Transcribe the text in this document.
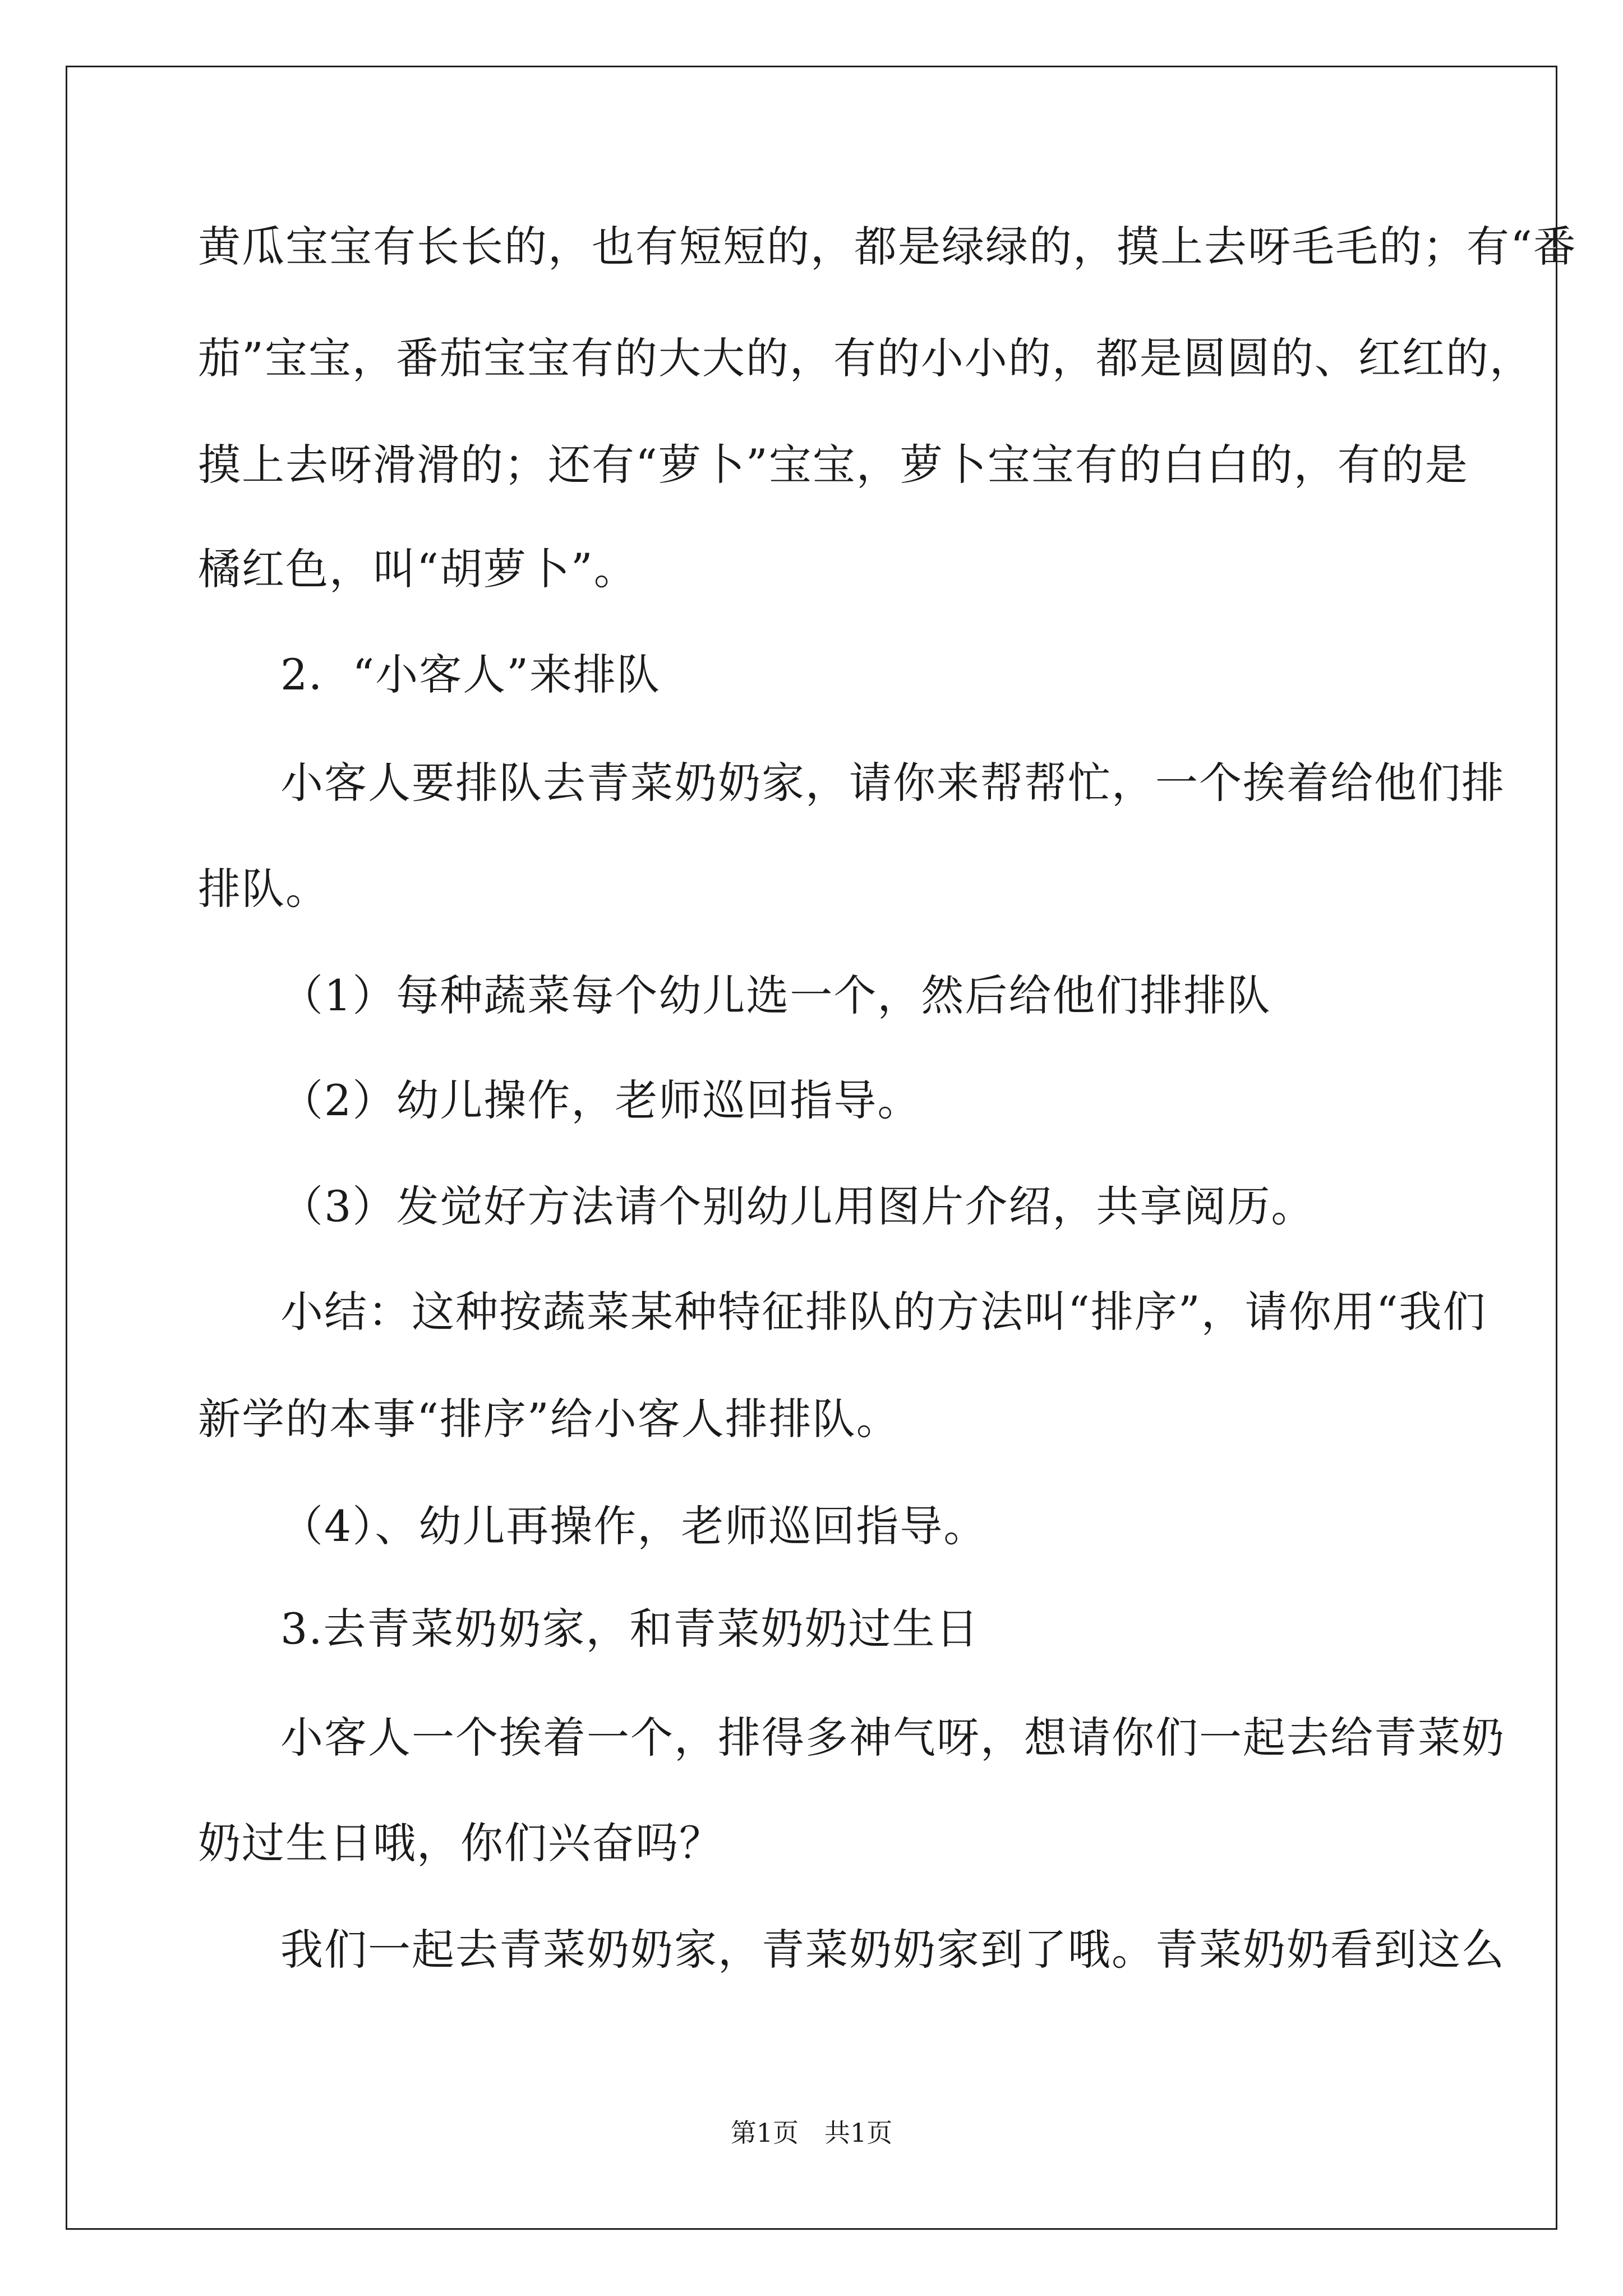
黄瓜宝宝有长长的，也有短短的，都是绿绿的，摸上去呀毛毛的；有“番
茄”宝宝，番茄宝宝有的大大的，有的小小的，都是圆圆的、红红的，
摸上去呀滑滑的；还有“萝卜”宝宝，萝卜宝宝有的白白的，有的是
橘红色，叫“胡萝卜”。
2．“小客人”来排队
小客人要排队去青菜奶奶家，请你来帮帮忙，一个挨着给他们排
排队。
（1）每种蔬菜每个幼儿选一个，然后给他们排排队
（2）幼儿操作，老师巡回指导。
（3）发觉好方法请个别幼儿用图片介绍，共享阅历。
小结：这种按蔬菜某种特征排队的方法叫“排序”，请你用“我们
新学的本事“排序”给小客人排排队。
（4）、幼儿再操作，老师巡回指导。
3.去青菜奶奶家，和青菜奶奶过生日
小客人一个挨着一个，排得多神气呀，想请你们一起去给青菜奶
奶过生日哦，你们兴奋吗？
我们一起去青菜奶奶家，青菜奶奶家到了哦。青菜奶奶看到这么
第1页　共1页
